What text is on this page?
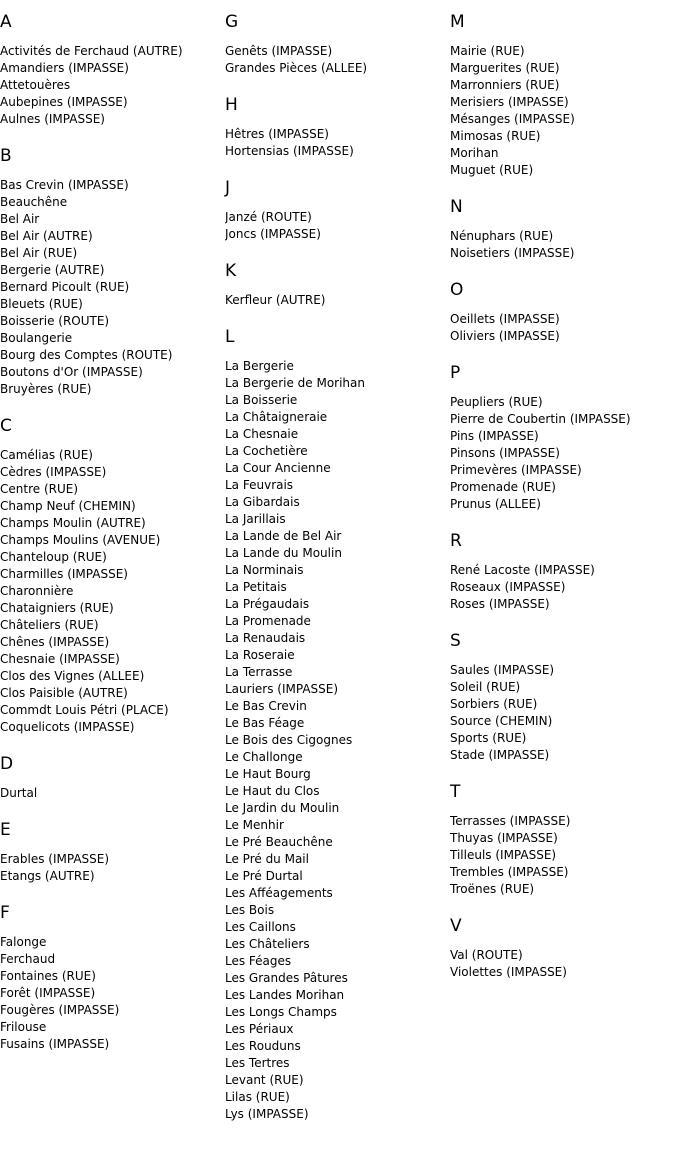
A
Activités de Ferchaud (AUTRE)
Amandiers (IMPASSE)
Attetouères
Aubepines (IMPASSE)
Aulnes (IMPASSE)
B
Bas Crevin (IMPASSE)
Beauchêne
Bel Air
Bel Air (AUTRE)
Bel Air (RUE)
Bergerie (AUTRE)
Bernard Picoult (RUE)
Bleuets (RUE)
Boisserie (ROUTE)
Boulangerie
Bourg des Comptes (ROUTE)
Boutons d'Or (IMPASSE)
Bruyères (RUE)
C
Camélias (RUE)
Cèdres (IMPASSE)
Centre (RUE)
Champ Neuf (CHEMIN)
Champs Moulin (AUTRE)
Champs Moulins (AVENUE)
Chanteloup (RUE)
Charmilles (IMPASSE)
Charonnière
Chataigniers (RUE)
Châteliers (RUE)
Chênes (IMPASSE)
Chesnaie (IMPASSE)
Clos des Vignes (ALLEE)
Clos Paisible (AUTRE)
Commdt Louis Pétri (PLACE)
Coquelicots (IMPASSE)
D
Durtal
E
Erables (IMPASSE)
Etangs (AUTRE)
F
Falonge
Ferchaud
Fontaines (RUE)
Forêt (IMPASSE)
Fougères (IMPASSE)
Frilouse
Fusains (IMPASSE)
G
Genêts (IMPASSE)
Grandes Pièces (ALLEE)
H
Hêtres (IMPASSE)
Hortensias (IMPASSE)
J
Janzé (ROUTE)
Joncs (IMPASSE)
K
Kerfleur (AUTRE)
L
La Bergerie
La Bergerie de Morihan
La Boisserie
La Châtaigneraie
La Chesnaie
La Cochetière
La Cour Ancienne
La Feuvrais
La Gibardais
La Jarillais
La Lande de Bel Air
La Lande du Moulin
La Norminais
La Petitais
La Prégaudais
La Promenade
La Renaudais
La Roseraie
La Terrasse
Lauriers (IMPASSE)
Le Bas Crevin
Le Bas Féage
Le Bois des Cigognes
Le Challonge
Le Haut Bourg
Le Haut du Clos
Le Jardin du Moulin
Le Menhir
Le Pré Beauchêne
Le Pré du Mail
Le Pré Durtal
Les Afféagements
Les Bois
Les Caillons
Les Châteliers
Les Féages
Les Grandes Pâtures
Les Landes Morihan
Les Longs Champs
Les Périaux
Les Rouduns
Les Tertres
Levant (RUE)
Lilas (RUE)
Lys (IMPASSE)
M
Mairie (RUE)
Marguerites (RUE)
Marronniers (RUE)
Merisiers (IMPASSE)
Mésanges (IMPASSE)
Mimosas (RUE)
Morihan
Muguet (RUE)
N
Nénuphars (RUE)
Noisetiers (IMPASSE)
O
Oeillets (IMPASSE)
Oliviers (IMPASSE)
P
Peupliers (RUE)
Pierre de Coubertin (IMPASSE)
Pins (IMPASSE)
Pinsons (IMPASSE)
Primevères (IMPASSE)
Promenade (RUE)
Prunus (ALLEE)
R
René Lacoste (IMPASSE)
Roseaux (IMPASSE)
Roses (IMPASSE)
S
Saules (IMPASSE)
Soleil (RUE)
Sorbiers (RUE)
Source (CHEMIN)
Sports (RUE)
Stade (IMPASSE)
T
Terrasses (IMPASSE)
Thuyas (IMPASSE)
Tilleuls (IMPASSE)
Trembles (IMPASSE)
Troënes (RUE)
V
Val (ROUTE)
Violettes (IMPASSE)
